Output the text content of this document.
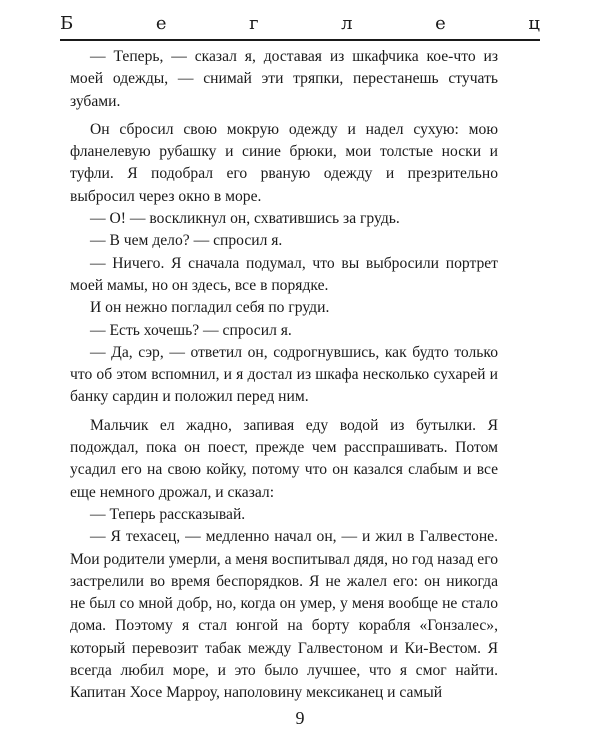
Б	е	г	л	е	ц

— Теперь, — сказал я, доставая из шкафчика кое-что из моей одежды, — снимай эти тряпки, перестанешь стучать зубами.

Он сбросил свою мокрую одежду и надел сухую: мою фланелевую рубашку и синие брюки, мои толстые носки и туфли. Я подобрал его рваную одежду и презрительно выбросил через окно в море.

— О! — воскликнул он, схватившись за грудь.

— В чем дело? — спросил я.

— Ничего. Я сначала подумал, что вы выбросили портрет моей мамы, но он здесь, все в порядке.

И он нежно погладил себя по груди.

— Есть хочешь? — спросил я.

— Да, сэр, — ответил он, содрогнувшись, как будто только что об этом вспомнил, и я достал из шкафа несколько сухарей и банку сардин и положил перед ним.

Мальчик ел жадно, запивая еду водой из бутылки. Я подождал, пока он поест, прежде чем расспрашивать. Потом усадил его на свою койку, потому что он казался слабым и все еще немного дрожал, и сказал:

— Теперь рассказывай.

— Я техасец, — медленно начал он, — и жил в Галвестоне. Мои родители умерли, а меня воспитывал дядя, но год назад его застрелили во время беспорядков. Я не жалел его: он никогда не был со мной добр, но, когда он умер, у меня вообще не стало дома. Поэтому я стал юнгой на борту корабля «Гонзалес», который перевозит табак между Галвестоном и Ки-Вестом. Я всегда любил море, и это было лучшее, что я смог найти. Капитан Хосе Марроу, наполовину мексиканец и самый

9
